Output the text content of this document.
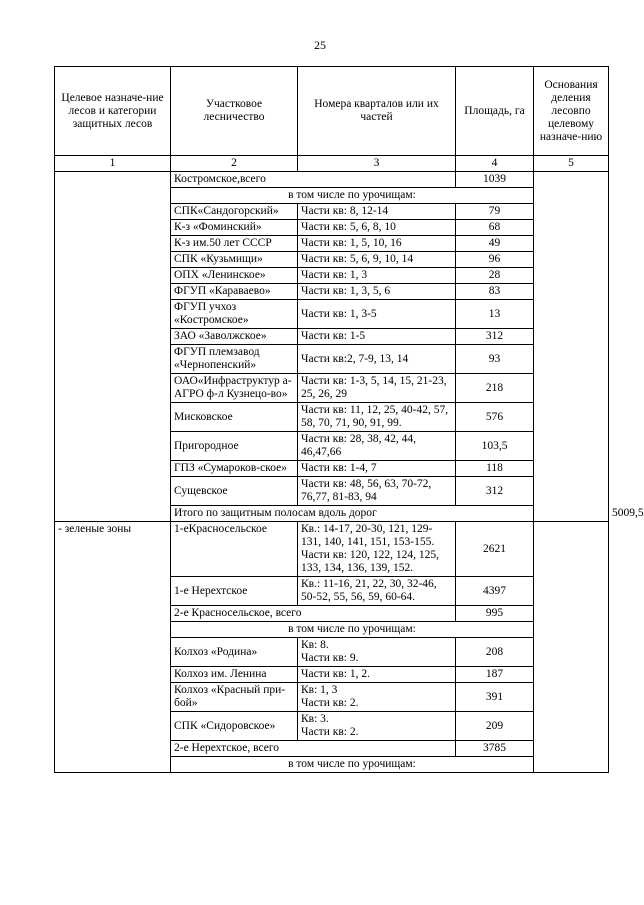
25
Целевое назначе-ние лесов и категории защитных лесов	Участковое лесничество	Номера кварталов или их частей	Площадь, га	Основания деления лесовпо целевому назначе-нию	
1	2	3	4	5	
	Костромское,всего		1039		
	в том числе по урочищам:				
	СПК«Сандогорский»	Части кв: 8, 12-14	79		
	К-з «Фоминский»	Части кв: 5, 6, 8, 10	68		
	К-з им.50 лет СССР	Части кв: 1, 5, 10, 16	49		
	СПК «Кузьмищи»	Части кв: 5, 6, 9, 10, 14	96		
	ОПХ «Ленинское»	Части кв: 1, 3	28		
	ФГУП «Караваево»	Части кв: 1, 3, 5, 6	83		
	ФГУП учхоз «Костромское»	Части кв: 1, 3-5	13		
	ЗАО «Заволжское»	Части кв: 1-5	312		
	ФГУП племзавод «Чернопенский»	Части кв:2, 7-9, 13, 14	93		
	ОАО«Инфраструктур а-АГРО ф-л Кузнецо-во»	Части кв: 1-3, 5, 14, 15, 21-23, 25, 26, 29	218		
	Мисковское	Части кв: 11, 12, 25, 40-42, 57, 58, 70, 71, 90, 91, 99.	576		
	Пригородное	Части кв: 28, 38, 42, 44, 46,47,66	103,5		
	ГПЗ «Сумароков-ское»	Части кв: 1-4, 7	118		
	Сущевское	Части кв: 48, 56, 63, 70-72, 76,77, 81-83, 94	312		
	Итого по защитным полосам вдоль дорог				5009,5	
- зеленые зоны	1-еКрасносельское	Кв.: 14-17, 20-30, 121, 129-131, 140, 141, 151, 153-155. Части кв: 120, 122, 124, 125, 133, 134, 136, 139, 152.	2621		
	1-е Нерехтское	Кв.: 11-16, 21, 22, 30, 32-46, 50-52, 55, 56, 59, 60-64.	4397		
	2-е Красносельское, всего		995		
	в том числе по урочищам:				
	Колхоз «Родина»	Кв: 8.
Части кв: 9.	208		
	Колхоз им. Ленина	Части кв: 1, 2.	187		
	Колхоз «Красный при-бой»	Кв: 1, 3
Части кв: 2.	391		
	СПК «Сидоровское»	Кв: 3.
Части кв: 2.	209		
	2-е Нерехтское, всего		3785		
	в том числе по урочищам:				
